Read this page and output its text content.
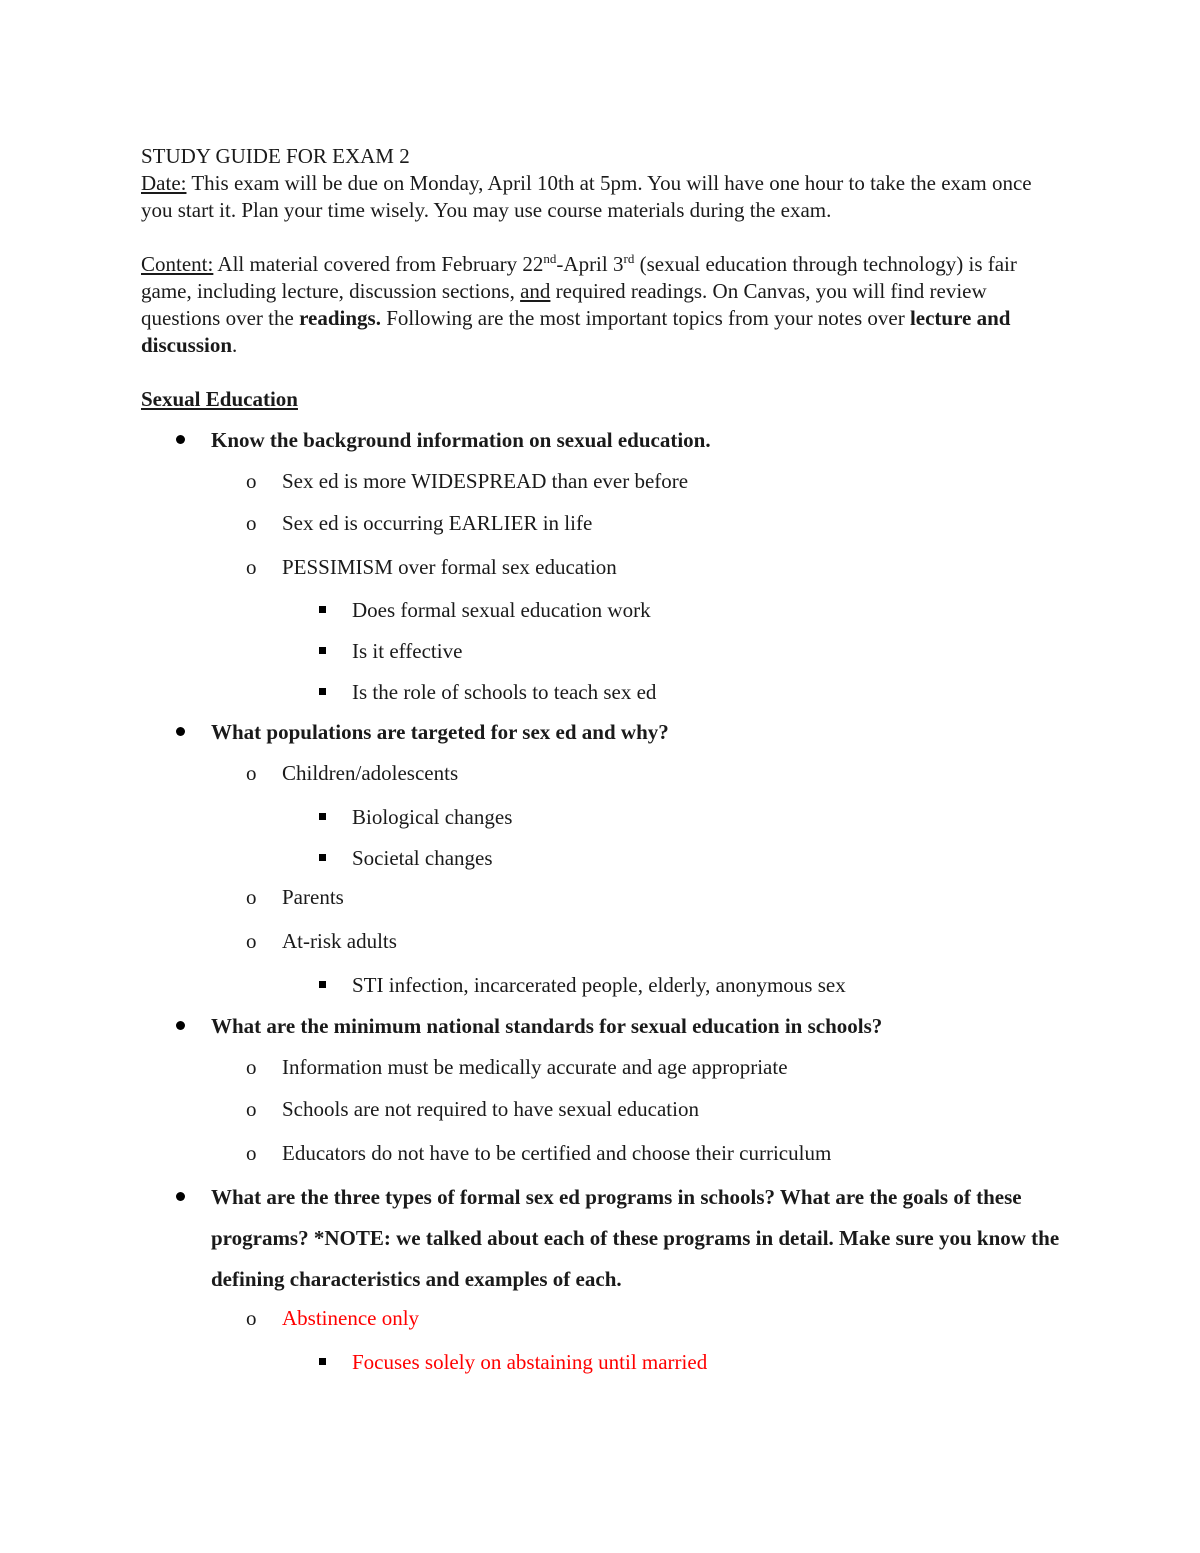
STUDY GUIDE FOR EXAM 2
Date: This exam will be due on Monday, April 10th at 5pm. You will have one hour to take the exam once you start it. Plan your time wisely. You may use course materials during the exam.
Content: All material covered from February 22nd-April 3rd (sexual education through technology) is fair game, including lecture, discussion sections, and required readings. On Canvas, you will find review questions over the readings. Following are the most important topics from your notes over lecture and discussion.
Sexual Education
Know the background information on sexual education.
o Sex ed is more WIDESPREAD than ever before
o Sex ed is occurring EARLIER in life
o PESSIMISM over formal sex education
Does formal sexual education work
Is it effective
Is the role of schools to teach sex ed
What populations are targeted for sex ed and why?
o Children/adolescents
Biological changes
Societal changes
o Parents
o At-risk adults
STI infection, incarcerated people, elderly, anonymous sex
What are the minimum national standards for sexual education in schools?
o Information must be medically accurate and age appropriate
o Schools are not required to have sexual education
o Educators do not have to be certified and choose their curriculum
What are the three types of formal sex ed programs in schools? What are the goals of these programs? *NOTE: we talked about each of these programs in detail. Make sure you know the defining characteristics and examples of each.
o Abstinence only
Focuses solely on abstaining until married
